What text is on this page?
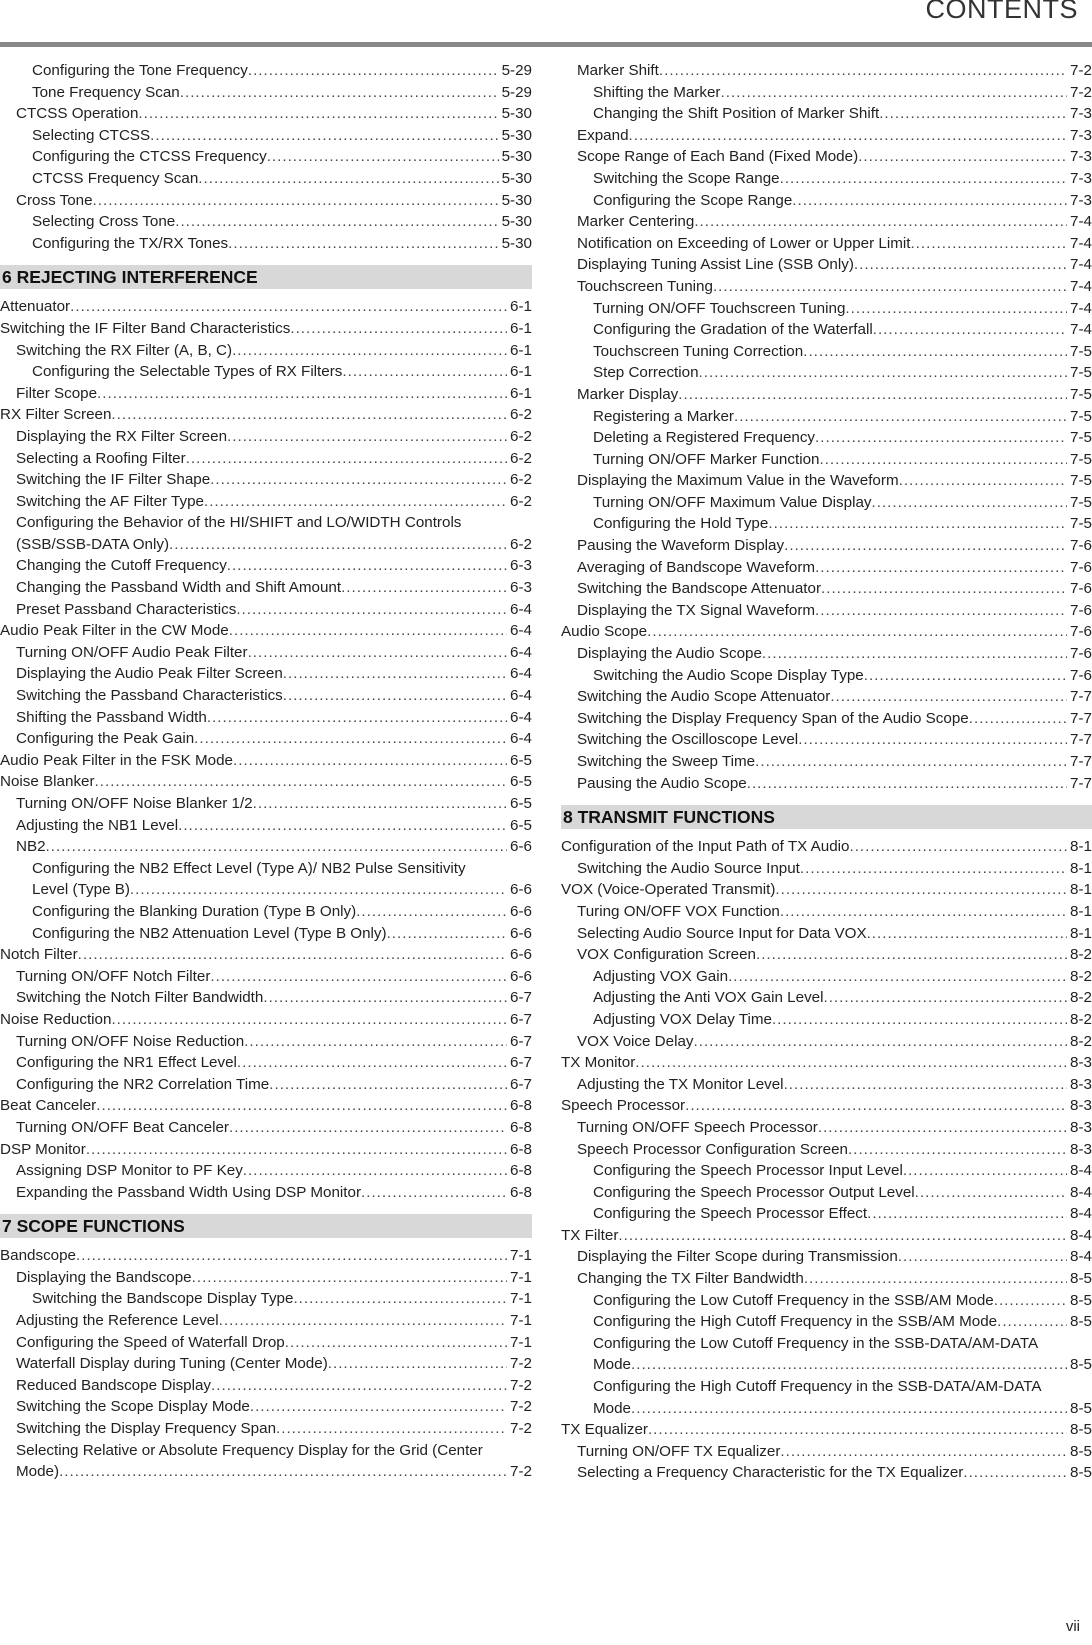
CONTENTS
Configuring the Tone Frequency .....	5-29
Tone Frequency Scan .....	5-29
CTCSS Operation .....	5-30
Selecting CTCSS .....	5-30
Configuring the CTCSS Frequency .....	5-30
CTCSS Frequency Scan .....	5-30
Cross Tone .....	5-30
Selecting Cross Tone .....	5-30
Configuring the TX/RX Tones .....	5-30
6 REJECTING INTERFERENCE
Attenuator .....	6-1
Switching the IF Filter Band Characteristics .....	6-1
Switching the RX Filter (A, B, C) .....	6-1
Configuring the Selectable Types of RX Filters .....	6-1
Filter Scope .....	6-1
RX Filter Screen .....	6-2
Displaying the RX Filter Screen .....	6-2
Selecting a Roofing Filter .....	6-2
Switching the IF Filter Shape .....	6-2
Switching the AF Filter Type .....	6-2
Configuring the Behavior of the HI/SHIFT and LO/WIDTH Controls
(SSB/SSB-DATA Only) .....	6-2
Changing the Cutoff Frequency .....	6-3
Changing the Passband Width and Shift Amount .....	6-3
Preset Passband Characteristics .....	6-4
Audio Peak Filter in the CW Mode .....	6-4
Turning ON/OFF Audio Peak Filter .....	6-4
Displaying the Audio Peak Filter Screen .....	6-4
Switching the Passband Characteristics .....	6-4
Shifting the Passband Width .....	6-4
Configuring the Peak Gain .....	6-4
Audio Peak Filter in the FSK Mode .....	6-5
Noise Blanker .....	6-5
Turning ON/OFF Noise Blanker 1/2 .....	6-5
Adjusting the NB1 Level .....	6-5
NB2 .....	6-6
Configuring the NB2 Effect Level (Type A)/ NB2 Pulse Sensitivity
Level (Type B) .....	6-6
Configuring the Blanking Duration (Type B Only) .....	6-6
Configuring the NB2 Attenuation Level (Type B Only) .....	6-6
Notch Filter .....	6-6
Turning ON/OFF Notch Filter .....	6-6
Switching the Notch Filter Bandwidth .....	6-7
Noise Reduction .....	6-7
Turning ON/OFF Noise Reduction .....	6-7
Configuring the NR1 Effect Level .....	6-7
Configuring the NR2 Correlation Time .....	6-7
Beat Canceler .....	6-8
Turning ON/OFF Beat Canceler .....	6-8
DSP Monitor .....	6-8
Assigning DSP Monitor to PF Key .....	6-8
Expanding the Passband Width Using DSP Monitor .....	6-8
7 SCOPE FUNCTIONS
Bandscope .....	7-1
Displaying the Bandscope .....	7-1
Switching the Bandscope Display Type .....	7-1
Adjusting the Reference Level .....	7-1
Configuring the Speed of Waterfall Drop .....	7-1
Waterfall Display during Tuning (Center Mode) .....	7-2
Reduced Bandscope Display .....	7-2
Switching the Scope Display Mode .....	7-2
Switching the Display Frequency Span .....	7-2
Selecting Relative or Absolute Frequency Display for the Grid (Center
Mode) .....	7-2
Marker Shift .....	7-2
Shifting the Marker .....	7-2
Changing the Shift Position of Marker Shift .....	7-3
Expand .....	7-3
Scope Range of Each Band (Fixed Mode) .....	7-3
Switching the Scope Range .....	7-3
Configuring the Scope Range .....	7-3
Marker Centering .....	7-4
Notification on Exceeding of Lower or Upper Limit .....	7-4
Displaying Tuning Assist Line (SSB Only) .....	7-4
Touchscreen Tuning .....	7-4
Turning ON/OFF Touchscreen Tuning .....	7-4
Configuring the Gradation of the Waterfall .....	7-4
Touchscreen Tuning Correction .....	7-5
Step Correction .....	7-5
Marker Display .....	7-5
Registering a Marker .....	7-5
Deleting a Registered Frequency .....	7-5
Turning ON/OFF Marker Function .....	7-5
Displaying the Maximum Value in the Waveform .....	7-5
Turning ON/OFF Maximum Value Display .....	7-5
Configuring the Hold Type .....	7-5
Pausing the Waveform Display .....	7-6
Averaging of Bandscope Waveform .....	7-6
Switching the Bandscope Attenuator .....	7-6
Displaying the TX Signal Waveform .....	7-6
Audio Scope .....	7-6
Displaying the Audio Scope .....	7-6
Switching the Audio Scope Display Type .....	7-6
Switching the Audio Scope Attenuator .....	7-7
Switching the Display Frequency Span of the Audio Scope .....	7-7
Switching the Oscilloscope Level .....	7-7
Switching the Sweep Time .....	7-7
Pausing the Audio Scope .....	7-7
8 TRANSMIT FUNCTIONS
Configuration of the Input Path of TX Audio .....	8-1
Switching the Audio Source Input .....	8-1
VOX (Voice-Operated Transmit) .....	8-1
Turing ON/OFF VOX Function .....	8-1
Selecting Audio Source Input for Data VOX .....	8-1
VOX Configuration Screen .....	8-2
Adjusting VOX Gain .....	8-2
Adjusting the Anti VOX Gain Level .....	8-2
Adjusting VOX Delay Time .....	8-2
VOX Voice Delay .....	8-2
TX Monitor .....	8-3
Adjusting the TX Monitor Level .....	8-3
Speech Processor .....	8-3
Turning ON/OFF Speech Processor .....	8-3
Speech Processor Configuration Screen .....	8-3
Configuring the Speech Processor Input Level .....	8-4
Configuring the Speech Processor Output Level .....	8-4
Configuring the Speech Processor Effect .....	8-4
TX Filter .....	8-4
Displaying the Filter Scope during Transmission .....	8-4
Changing the TX Filter Bandwidth .....	8-5
Configuring the Low Cutoff Frequency in the SSB/AM Mode .....	8-5
Configuring the High Cutoff Frequency in the SSB/AM Mode .....	8-5
Configuring the Low Cutoff Frequency in the SSB-DATA/AM-DATA
Mode .....	8-5
Configuring the High Cutoff Frequency in the SSB-DATA/AM-DATA
Mode .....	8-5
TX Equalizer .....	8-5
Turning ON/OFF TX Equalizer .....	8-5
Selecting a Frequency Characteristic for the TX Equalizer .....	8-5
vii
